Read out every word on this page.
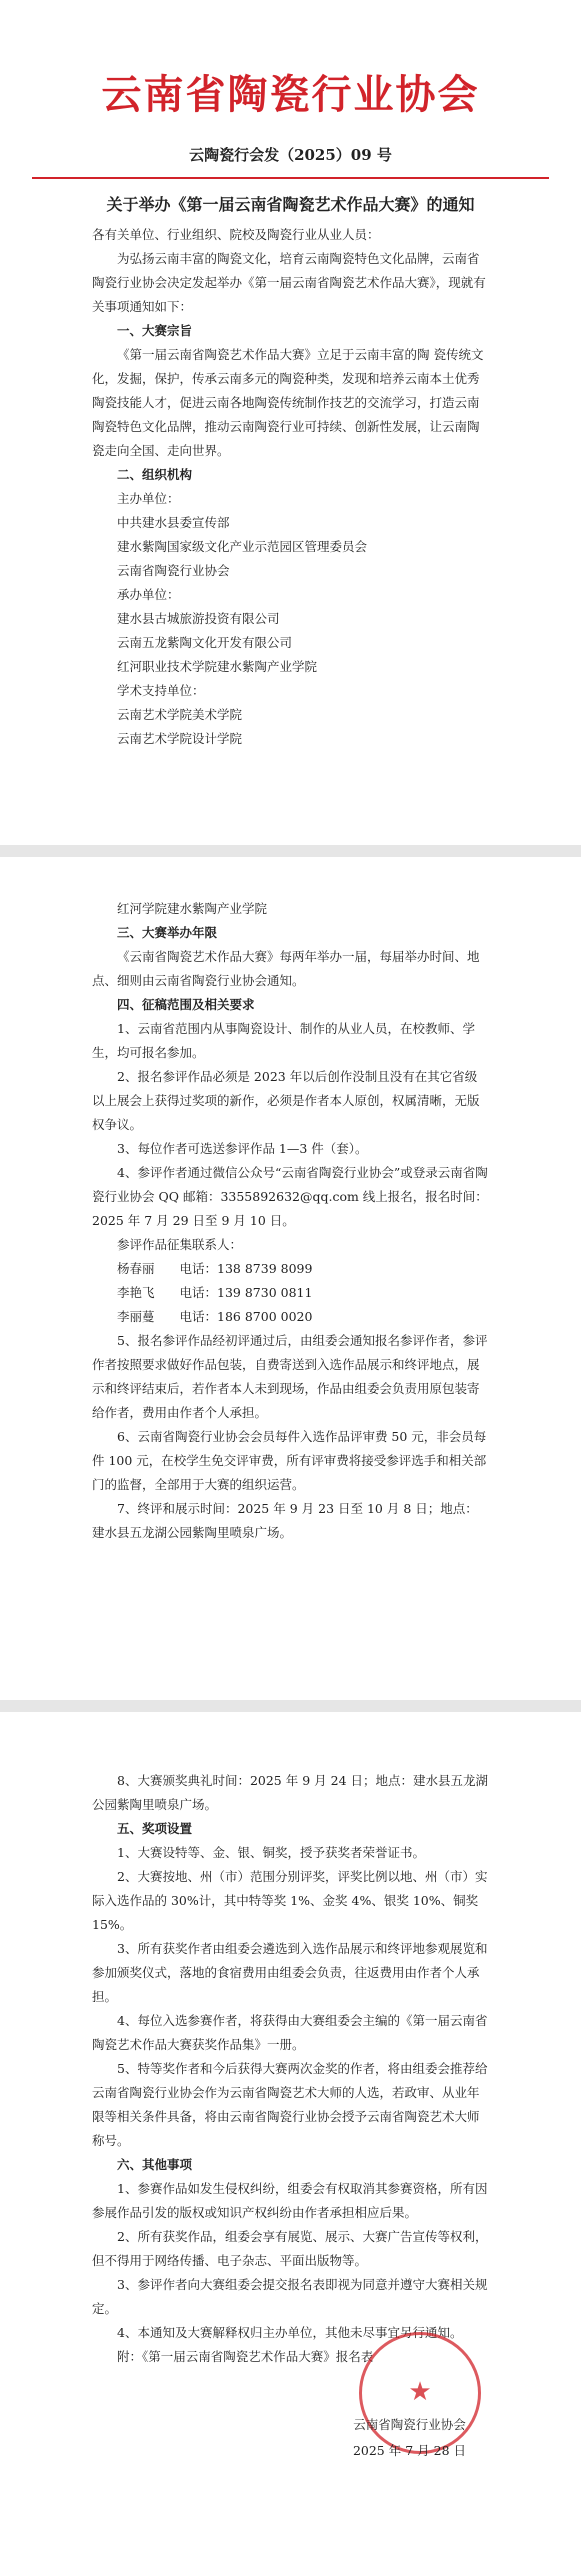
云南省陶瓷行业协会
云陶瓷行会发（2025）09 号
关于举办《第一届云南省陶瓷艺术作品大赛》的通知

各有关单位、行业组织、院校及陶瓷行业从业人员：

为弘扬云南丰富的陶瓷文化，培育云南陶瓷特色文化品牌，云南省陶瓷行业协会决定发起举办《第一届云南省陶瓷艺术作品大赛》，现就有关事项通知如下：

一、大赛宗旨

《第一届云南省陶瓷艺术作品大赛》立足于云南丰富的陶 瓷传统文化，发掘，保护，传承云南多元的陶瓷种类，发现和培养云南本土优秀陶瓷技能人才，促进云南各地陶瓷传统制作技艺的交流学习，打造云南陶瓷特色文化品牌，推动云南陶瓷行业可持续、创新性发展，让云南陶瓷走向全国、走向世界。

二、组织机构

主办单位：

中共建水县委宣传部

建水紫陶国家级文化产业示范园区管理委员会

云南省陶瓷行业协会

承办单位：

建水县古城旅游投资有限公司

云南五龙紫陶文化开发有限公司

红河职业技术学院建水紫陶产业学院

学术支持单位：

云南艺术学院美术学院

云南艺术学院设计学院

红河学院建水紫陶产业学院

三、大赛举办年限

《云南省陶瓷艺术作品大赛》每两年举办一届，每届举办时间、地点、细则由云南省陶瓷行业协会通知。

四、征稿范围及相关要求

1、云南省范围内从事陶瓷设计、制作的从业人员，在校教师、学生，均可报名参加。

2、报名参评作品必须是 2023 年以后创作没制且没有在其它省级以上展会上获得过奖项的新作，必须是作者本人原创，权属清晰，无版权争议。

3、每位作者可选送参评作品 1—3 件（套）。

4、参评作者通过微信公众号“云南省陶瓷行业协会”或登录云南省陶瓷行业协会 QQ 邮箱：3355892632@qq.com 线上报名，报名时间：2025 年 7 月 29 日至 9 月 10 日。

参评作品征集联系人：

杨春丽　　电话：138 8739 8099

李艳飞　　电话：139 8730 0811

李丽蔓　　电话：186 8700 0020

5、报名参评作品经初评通过后，由组委会通知报名参评作者，参评作者按照要求做好作品包装，自费寄送到入选作品展示和终评地点，展示和终评结束后，若作者本人未到现场，作品由组委会负责用原包装寄给作者，费用由作者个人承担。

6、云南省陶瓷行业协会会员每件入选作品评审费 50 元，非会员每件 100 元，在校学生免交评审费，所有评审费将接受参评选手和相关部门的监督，全部用于大赛的组织运营。

7、终评和展示时间：2025 年 9 月 23 日至 10 月 8 日；地点：建水县五龙湖公园紫陶里喷泉广场。

8、大赛颁奖典礼时间：2025 年 9 月 24 日；地点：建水县五龙湖公园紫陶里喷泉广场。

五、奖项设置

1、大赛设特等、金、银、铜奖，授予获奖者荣誉证书。

2、大赛按地、州（市）范围分别评奖，评奖比例以地、州（市）实际入选作品的 30%计，其中特等奖 1%、金奖 4%、银奖 10%、铜奖 15%。

3、所有获奖作者由组委会遴选到入选作品展示和终评地参观展览和参加颁奖仪式，落地的食宿费用由组委会负责，往返费用由作者个人承担。

4、每位入选参赛作者，将获得由大赛组委会主编的《第一届云南省陶瓷艺术作品大赛获奖作品集》一册。

5、特等奖作者和今后获得大赛两次金奖的作者，将由组委会推荐给云南省陶瓷行业协会作为云南省陶瓷艺术大师的人选，若政审、从业年限等相关条件具备，将由云南省陶瓷行业协会授予云南省陶瓷艺术大师称号。

六、其他事项

1、参赛作品如发生侵权纠纷，组委会有权取消其参赛资格，所有因参展作品引发的版权或知识产权纠纷由作者承担相应后果。

2、所有获奖作品，组委会享有展览、展示、大赛广告宣传等权利，但不得用于网络传播、电子杂志、平面出版物等。

3、参评作者向大赛组委会提交报名表即视为同意并遵守大赛相关规定。

4、本通知及大赛解释权归主办单位，其他未尽事宜另行通知。

附：《第一届云南省陶瓷艺术作品大赛》报名表

★
云南省陶瓷行业协会
2025 年 7 月 28 日
